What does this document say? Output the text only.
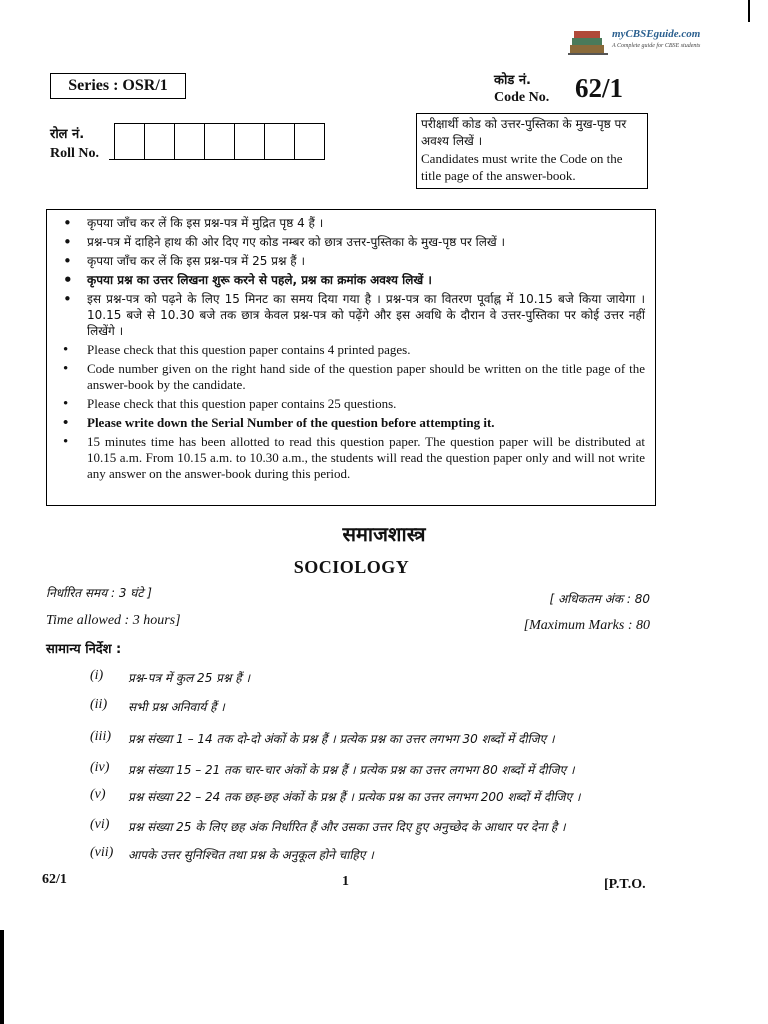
myCBSEguide.com
A Complete guide for CBSE students
Series : OSR/1	कोड नं.
Code No. 62/1
रोल नं.
Roll No.
परीक्षार्थी कोड को उत्तर-पुस्तिका के मुख-पृष्ठ पर अवश्य लिखें ।
Candidates must write the Code on the title page of the answer-book.
• कृपया जाँच कर लें कि इस प्रश्न-पत्र में मुद्रित पृष्ठ 4 हैं ।
• प्रश्न-पत्र में दाहिने हाथ की ओर दिए गए कोड नम्बर को छात्र उत्तर-पुस्तिका के मुख-पृष्ठ पर लिखें ।
• कृपया जाँच कर लें कि इस प्रश्न-पत्र में 25 प्रश्न हैं ।
• कृपया प्रश्न का उत्तर लिखना शुरू करने से पहले, प्रश्न का क्रमांक अवश्य लिखें ।
• इस प्रश्न-पत्र को पढ़ने के लिए 15 मिनट का समय दिया गया है । प्रश्न-पत्र का वितरण पूर्वाह्न में 10.15 बजे किया जायेगा । 10.15 बजे से 10.30 बजे तक छात्र केवल प्रश्न-पत्र को पढ़ेंगे और इस अवधि के दौरान वे उत्तर-पुस्तिका पर कोई उत्तर नहीं लिखेंगे ।
• Please check that this question paper contains 4 printed pages.
• Code number given on the right hand side of the question paper should be written on the title page of the answer-book by the candidate.
• Please check that this question paper contains 25 questions.
• Please write down the Serial Number of the question before attempting it.
• 15 minutes time has been allotted to read this question paper. The question paper will be distributed at 10.15 a.m. From 10.15 a.m. to 10.30 a.m., the students will read the question paper only and will not write any answer on the answer-book during this period.
समाजशास्त्र
SOCIOLOGY
निर्धारित समय : 3 घंटे ]
Time allowed : 3 hours]
[ अधिकतम अंक : 80
[Maximum Marks : 80
सामान्य निर्देश :
(i) प्रश्न-पत्र में कुल 25 प्रश्न हैं ।
(ii) सभी प्रश्न अनिवार्य हैं ।
(iii) प्रश्न संख्या 1 – 14 तक दो-दो अंकों के प्रश्न हैं । प्रत्येक प्रश्न का उत्तर लगभग 30 शब्दों में दीजिए ।
(iv) प्रश्न संख्या 15 – 21 तक चार-चार अंकों के प्रश्न हैं । प्रत्येक प्रश्न का उत्तर लगभग 80 शब्दों में दीजिए ।
(v) प्रश्न संख्या 22 – 24 तक छह-छह अंकों के प्रश्न हैं । प्रत्येक प्रश्न का उत्तर लगभग 200 शब्दों में दीजिए ।
(vi) प्रश्न संख्या 25 के लिए छह अंक निर्धारित हैं और उसका उत्तर दिए हुए अनुच्छेद के आधार पर देना है ।
(vii) आपके उत्तर सुनिश्चित तथा प्रश्न के अनुकूल होने चाहिए ।
62/1	1	[P.T.O.
